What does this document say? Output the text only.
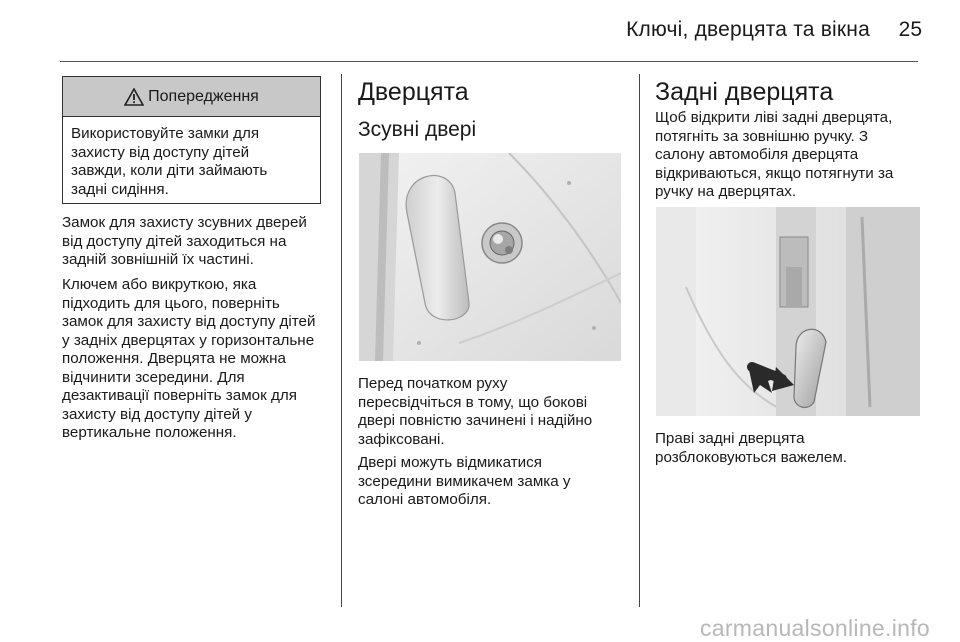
Ключі, дверцята та вікна 25
Попередження
Використовуйте замки для
захисту від доступу дітей
завжди, коли діти займають
задні сидіння.

Замок для захисту зсувних дверей

від доступу дітей заходиться на

задній зовнішній їх частині.

Ключем або викруткою, яка

підходить для цього, поверніть

замок для захисту від доступу дітей

у задніх дверцятах у горизонтальне

положення. Дверцята не можна

відчинити зсередини. Для

дезактивації поверніть замок для

захисту від доступу дітей у

вертикальне положення.

Дверцята
Зсувні двері

Перед початком руху

пересвідчіться в тому, що бокові

двері повністю зачинені і надійно

зафіксовані.

Двері можуть відмикатися

зсередини вимикачем замка у

салоні автомобіля.

Задні дверцята

Щоб відкрити ліві задні дверцята,

потягніть за зовнішню ручку. З

салону автомобіля дверцята

відкриваються, якщо потягнути за

ручку на дверцятах.

Праві задні дверцята

розблоковуються важелем.

carmanualsonline.info
